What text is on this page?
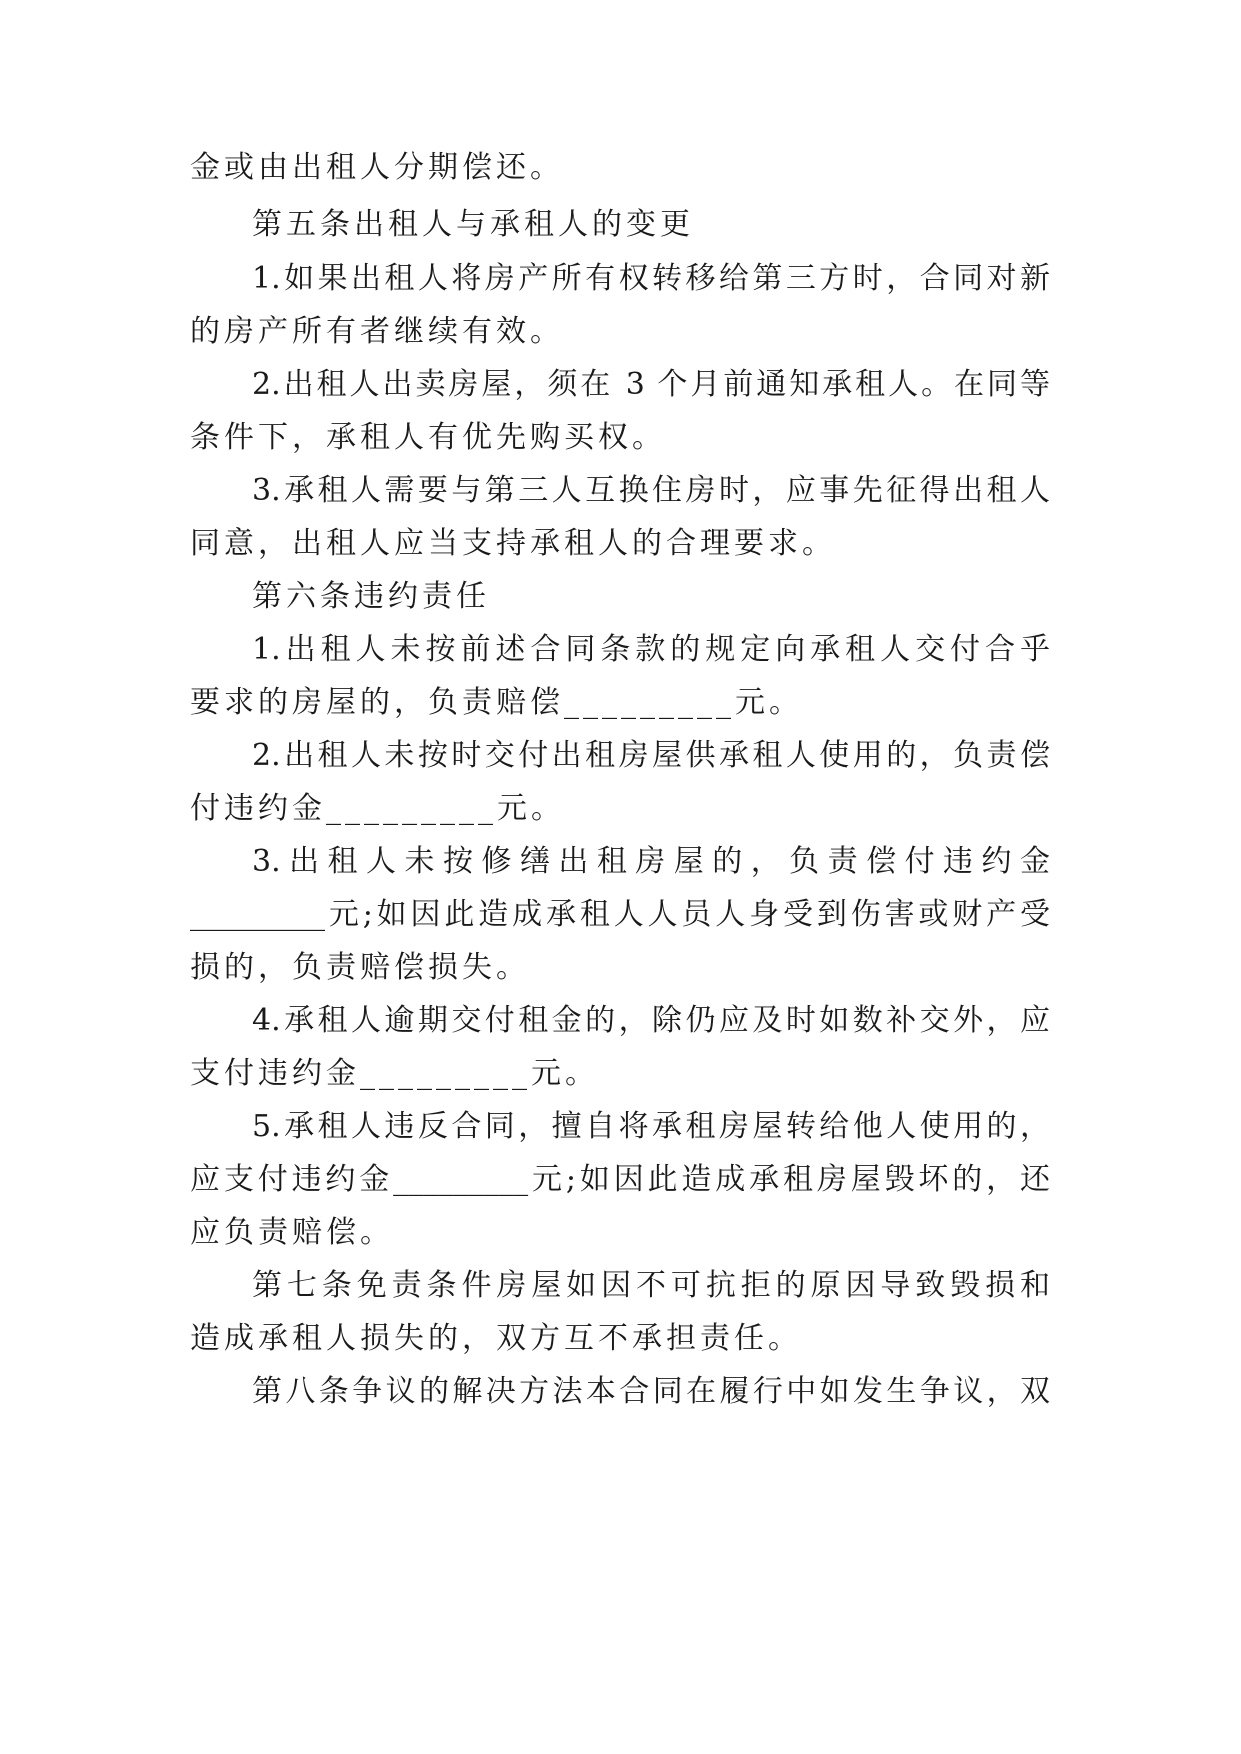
金或由出租人分期偿还。
第五条出租人与承租人的变更
1.如果出租人将房产所有权转移给第三方时，合同对新
的房产所有者继续有效。
2.出租人出卖房屋，须在 3 个月前通知承租人。在同等
条件下，承租人有优先购买权。
3.承租人需要与第三人互换住房时，应事先征得出租人
同意，出租人应当支持承租人的合理要求。
第六条违约责任
1.出租人未按前述合同条款的规定向承租人交付合乎
要求的房屋的，负责赔偿_________元。
2.出租人未按时交付出租房屋供承租人使用的，负责偿
付违约金_________元。
3.出租人未按修缮出租房屋的，负责偿付违约金
_________元;如因此造成承租人人员人身受到伤害或财产受
损的，负责赔偿损失。
4.承租人逾期交付租金的，除仍应及时如数补交外，应
支付违约金_________元。
5.承租人违反合同，擅自将承租房屋转给他人使用的，
应支付违约金_________元;如因此造成承租房屋毁坏的，还
应负责赔偿。
第七条免责条件房屋如因不可抗拒的原因导致毁损和
造成承租人损失的，双方互不承担责任。
第八条争议的解决方法本合同在履行中如发生争议，双
